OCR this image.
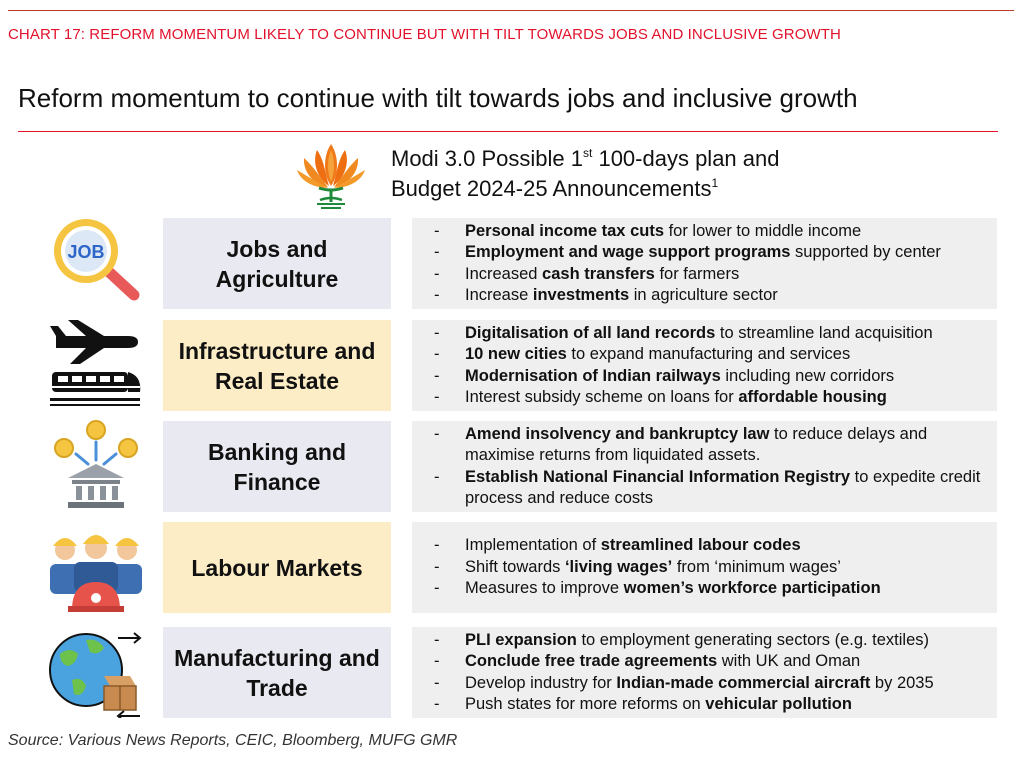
CHART 17: REFORM MOMENTUM LIKELY TO CONTINUE BUT WITH TILT TOWARDS JOBS AND INCLUSIVE GROWTH
Reform momentum to continue with tilt towards jobs and inclusive growth
Modi 3.0 Possible 1st 100-days plan and
Budget 2024-25 Announcements$^1$
JOB	Jobs and Agriculture
- Personal income tax cuts for lower to middle income
- Employment and wage support programs supported by center
- Increased cash transfers for farmers
- Increase investments in agriculture sector
Infrastructure and Real Estate
- Digitalisation of all land records to streamline land acquisition
- 10 new cities to expand manufacturing and services
- Modernisation of Indian railways including new corridors
- Interest subsidy scheme on loans for affordable housing
Banking and Finance
- Amend insolvency and bankruptcy law to reduce delays and maximise returns from liquidated assets.
- Establish National Financial Information Registry to expedite credit process and reduce costs
Labour Markets
- Implementation of streamlined labour codes
- Shift towards ‘living wages’ from ‘minimum wages’
- Measures to improve women’s workforce participation
Manufacturing and Trade
- PLI expansion to employment generating sectors (e.g. textiles)
- Conclude free trade agreements with UK and Oman
- Develop industry for Indian-made commercial aircraft by 2035
- Push states for more reforms on vehicular pollution
Source: Various News Reports, CEIC, Bloomberg, MUFG GMR
